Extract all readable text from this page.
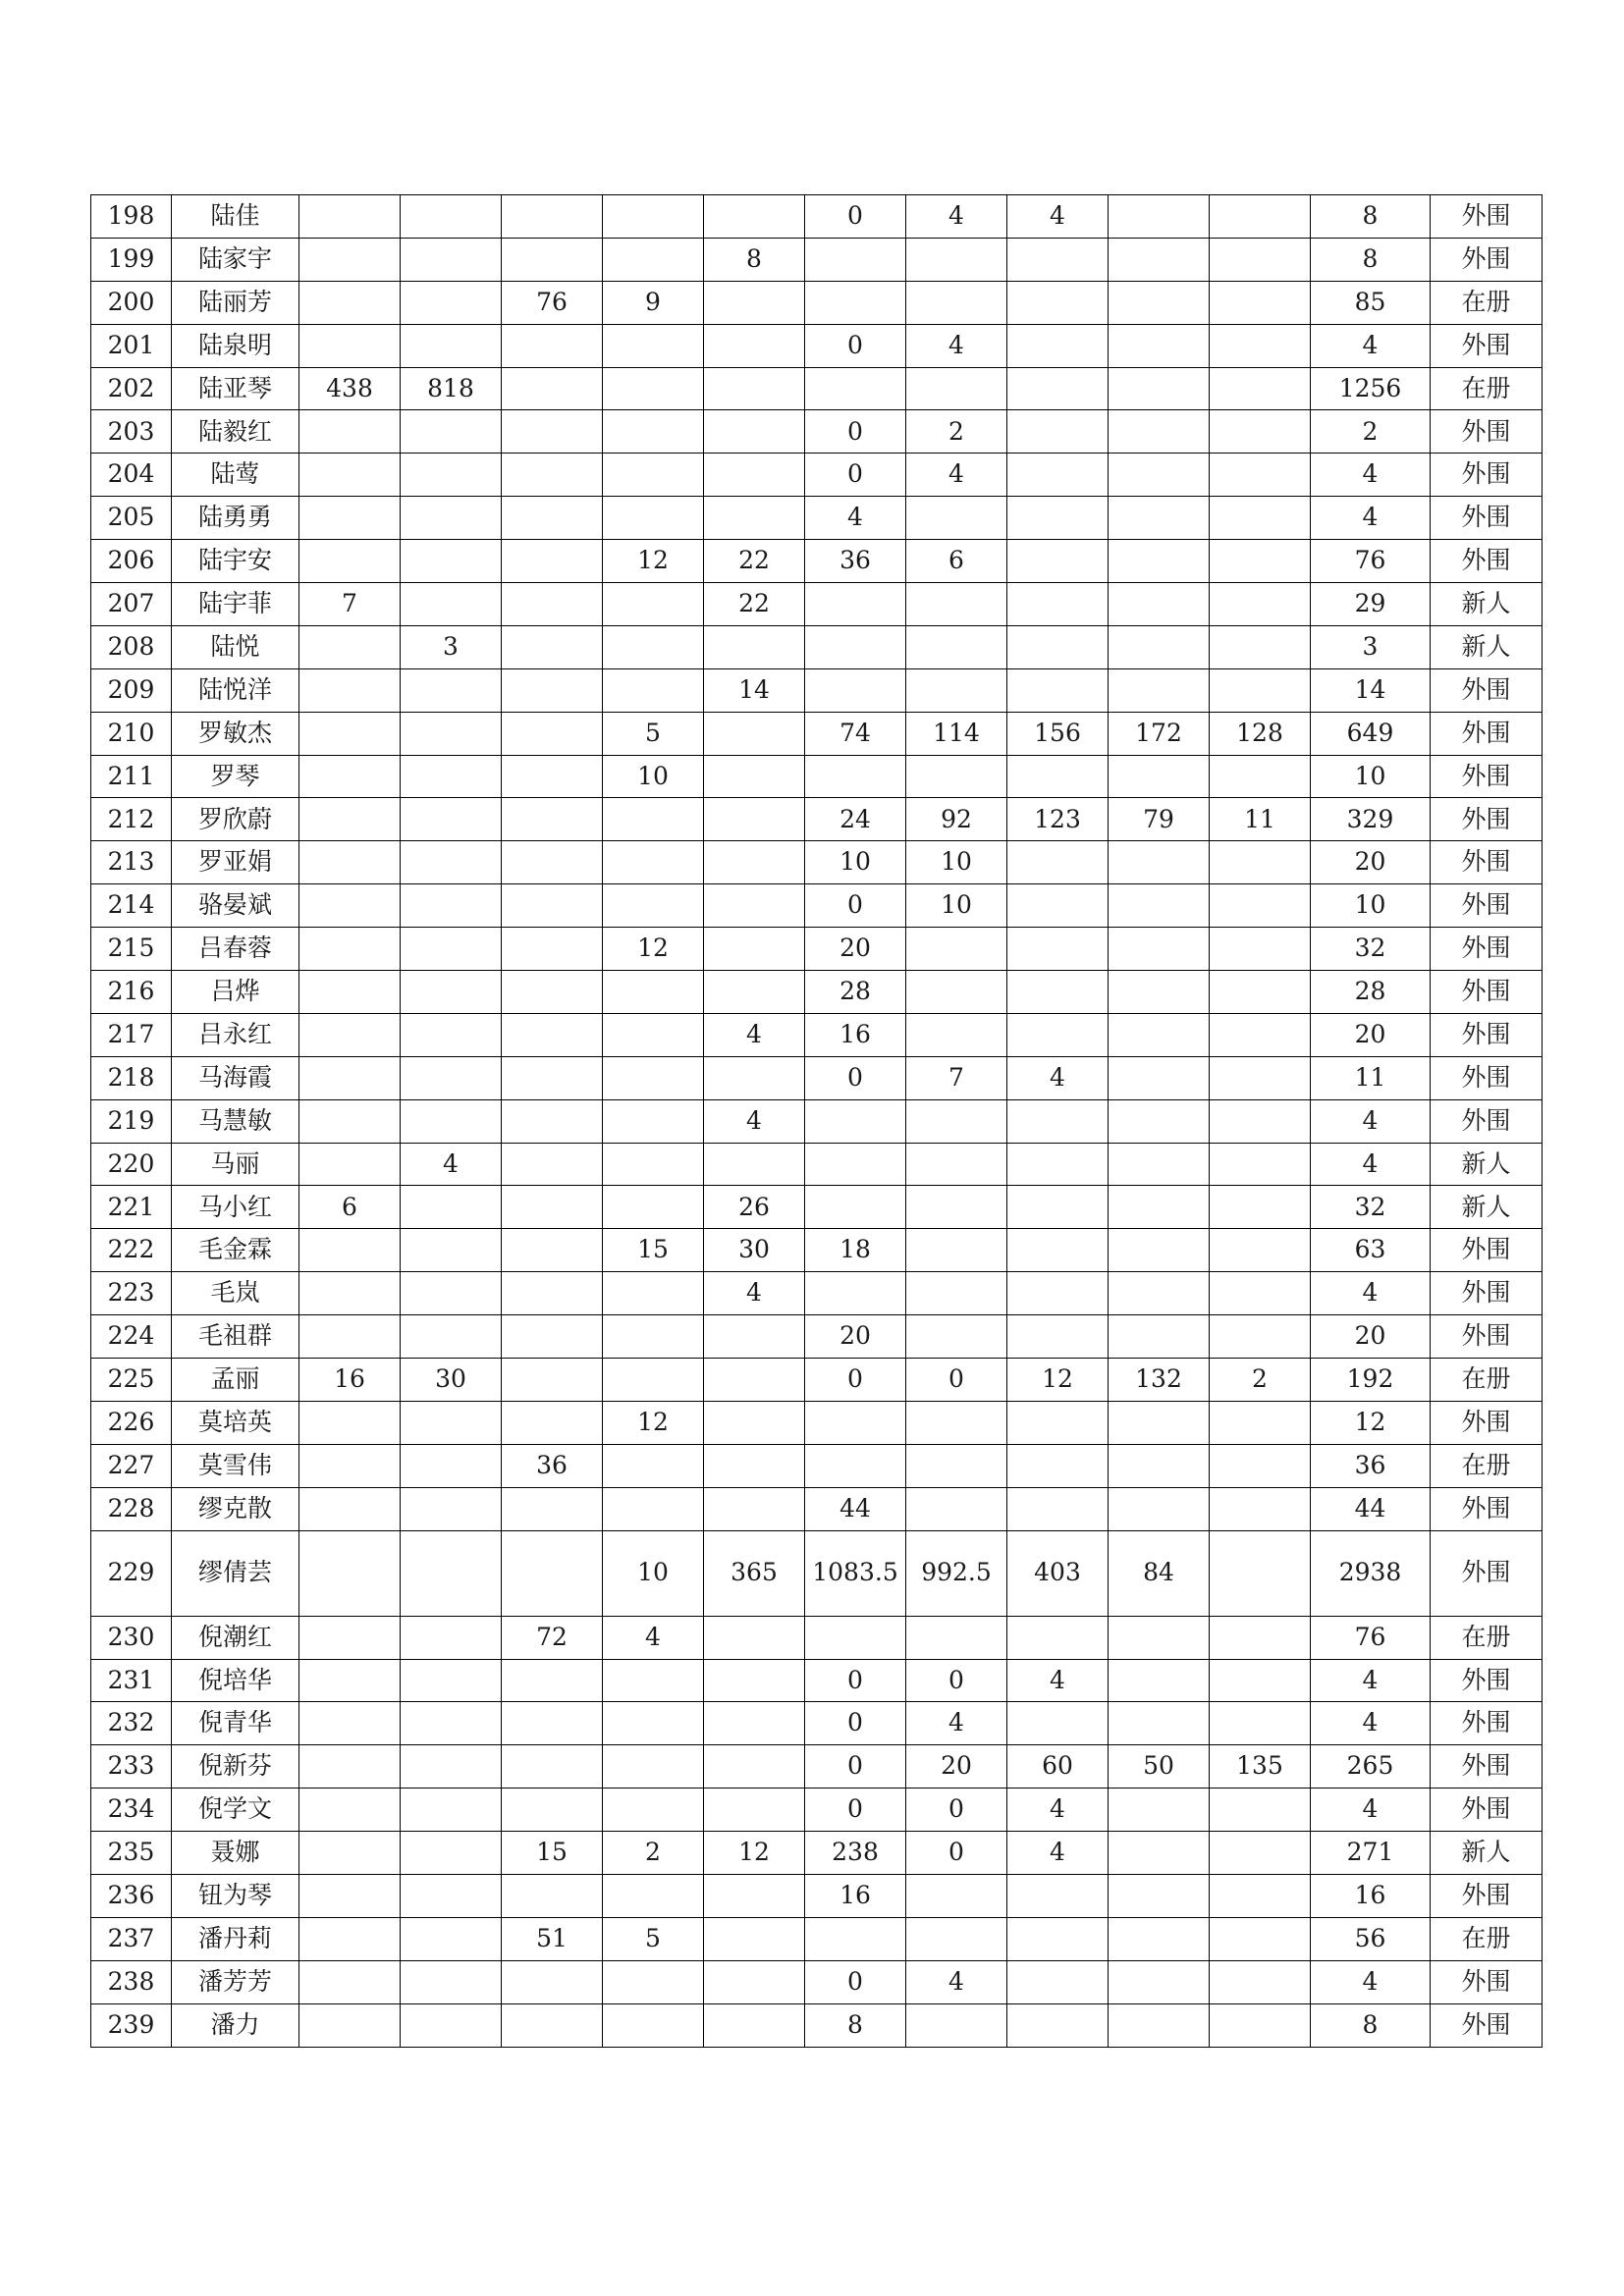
198	陆佳						0	4	4			8	外围
199	陆家宇					8						8	外围
200	陆丽芳			76	9							85	在册
201	陆泉明						0	4				4	外围
202	陆亚琴	438	818									1256	在册
203	陆毅红						0	2				2	外围
204	陆莺						0	4				4	外围
205	陆勇勇						4					4	外围
206	陆宇安				12	22	36	6				76	外围
207	陆宇菲	7				22						29	新人
208	陆悦		3									3	新人
209	陆悦洋					14						14	外围
210	罗敏杰				5		74	114	156	172	128	649	外围
211	罗琴				10							10	外围
212	罗欣蔚						24	92	123	79	11	329	外围
213	罗亚娟						10	10				20	外围
214	骆晏斌						0	10				10	外围
215	吕春蓉				12		20					32	外围
216	吕烨						28					28	外围
217	吕永红					4	16					20	外围
218	马海霞						0	7	4			11	外围
219	马慧敏					4						4	外围
220	马丽		4									4	新人
221	马小红	6				26						32	新人
222	毛金霖				15	30	18					63	外围
223	毛岚					4						4	外围
224	毛祖群						20					20	外围
225	孟丽	16	30				0	0	12	132	2	192	在册
226	莫培英				12							12	外围
227	莫雪伟			36								36	在册
228	缪克散						44					44	外围
229	缪倩芸				10	365	1083.5	992.5	403	84		2938	外围
230	倪潮红			72	4							76	在册
231	倪培华						0	0	4			4	外围
232	倪青华						0	4				4	外围
233	倪新芬						0	20	60	50	135	265	外围
234	倪学文						0	0	4			4	外围
235	聂娜			15	2	12	238	0	4			271	新人
236	钮为琴						16					16	外围
237	潘丹莉			51	5							56	在册
238	潘芳芳						0	4				4	外围
239	潘力						8					8	外围
